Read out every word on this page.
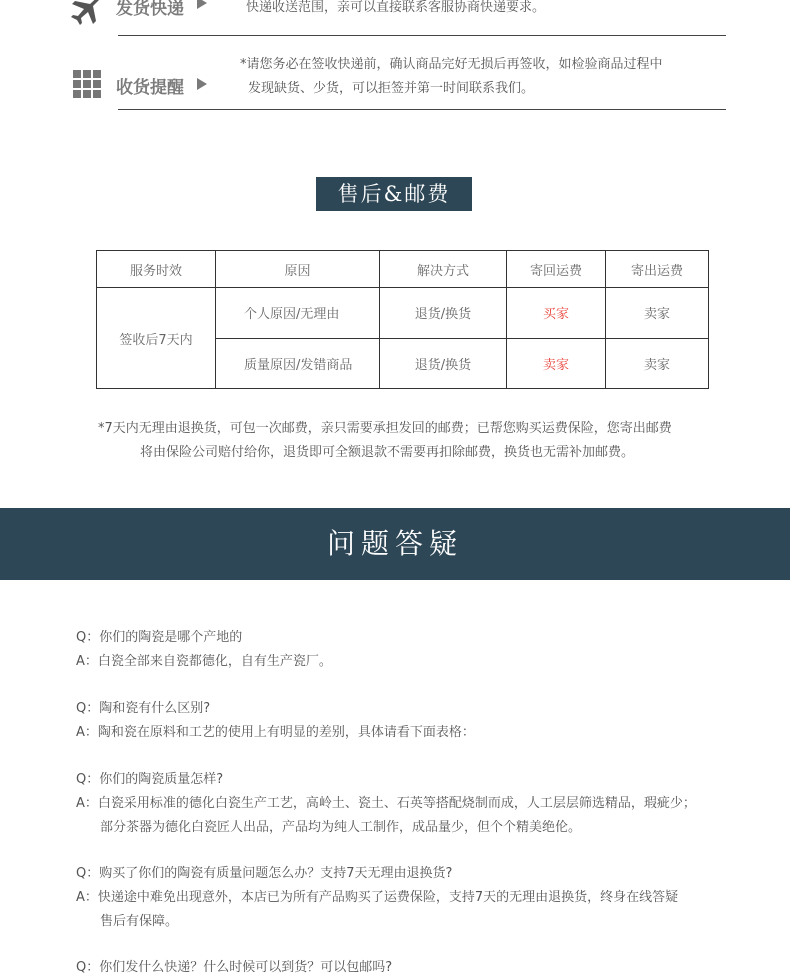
发货快递	快递收送范围，亲可以直接联系客服协商快递要求。
收货提醒
*请您务必在签收快递前，确认商品完好无损后再签收，如检验商品过程中
发现缺货、少货，可以拒签并第一时间联系我们。
售后&邮费
服务时效	原因	解决方式	寄回运费	寄出运费
签收后7天内	个人原因/无理由	退货/换货	买家	卖家
	质量原因/发错商品	退货/换货	卖家	卖家
*7天内无理由退换货，可包一次邮费，亲只需要承担发回的邮费；已帮您购买运费保险，您寄出邮费
将由保险公司赔付给你，退货即可全额退款不需要再扣除邮费，换货也无需补加邮费。
问题答疑
Q：你们的陶瓷是哪个产地的
A：白瓷全部来自瓷都德化，自有生产瓷厂。
Q：陶和瓷有什么区别?
A：陶和瓷在原料和工艺的使用上有明显的差别，具体请看下面表格：
Q：你们的陶瓷质量怎样?
A：白瓷采用标准的德化白瓷生产工艺，高岭土、瓷土、石英等搭配烧制而成，人工层层筛选精品，瑕疵少；
部分茶器为德化白瓷匠人出品，产品均为纯人工制作，成品量少，但个个精美绝伦。
Q：购买了你们的陶瓷有质量问题怎么办？支持7天无理由退换货?
A：快递途中难免出现意外，本店已为所有产品购买了运费保险，支持7天的无理由退换货，终身在线答疑
售后有保障。
Q：你们发什么快递？什么时候可以到货？可以包邮吗?
